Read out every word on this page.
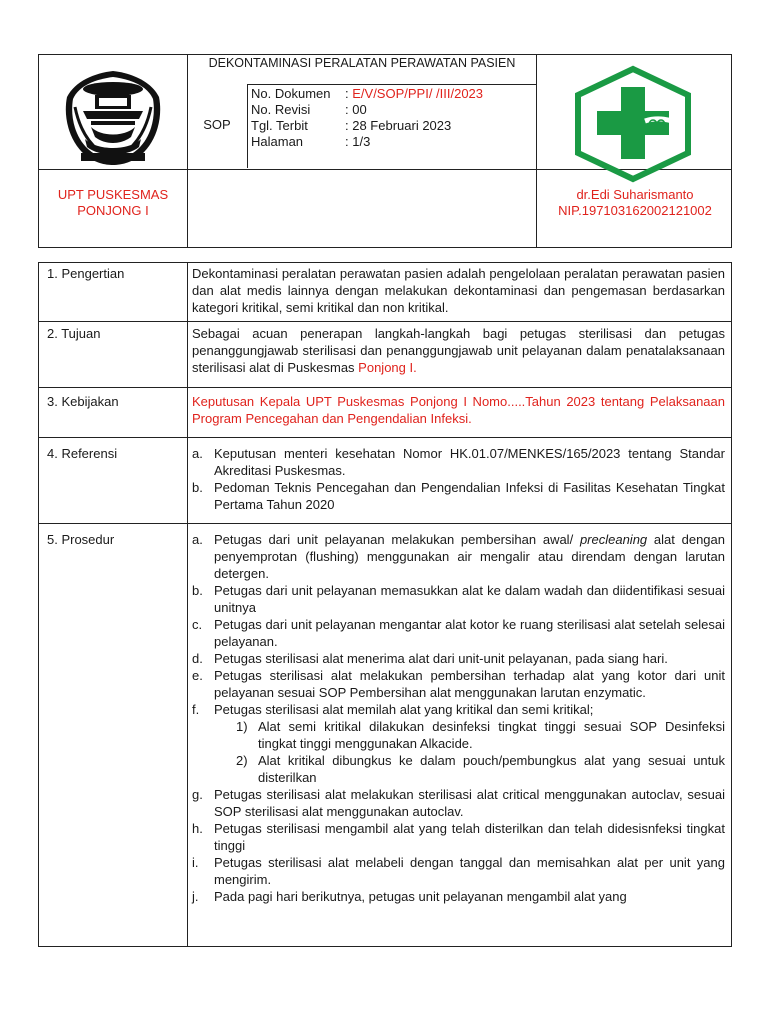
DEKONTAMINASI PERALATAN PERAWATAN PASIEN
SOP
No. Dokumen : E/V/SOP/PPI/ /III/2023
No. Revisi	: 00
Tgl. Terbit	: 28 Februari 2023
Halaman	: 1/3
UPT PUSKESMAS
PONJONG I
dr.Edi Suharismanto
NIP.197103162002121002
1. Pengertian	Dekontaminasi peralatan perawatan pasien adalah pengelolaan peralatan perawatan pasien dan alat medis lainnya dengan melakukan dekontaminasi dan pengemasan berdasarkan kategori kritikal, semi kritikal dan non kritikal.
2. Tujuan	Sebagai acuan penerapan langkah-langkah bagi petugas sterilisasi dan petugas penanggungjawab sterilisasi dan penanggungjawab unit pelayanan dalam penatalaksanaan sterilisasi alat di Puskesmas Ponjong I.
3. Kebijakan	Keputusan Kepala UPT Puskesmas Ponjong I Nomo.....Tahun 2023 tentang Pelaksanaan Program Pencegahan dan Pengendalian Infeksi.
4. Referensi	a. Keputusan menteri kesehatan Nomor HK.01.07/MENKES/165/2023 tentang Standar Akreditasi Puskesmas.
b. Pedoman Teknis Pencegahan dan Pengendalian Infeksi di Fasilitas Kesehatan Tingkat Pertama Tahun 2020
5. Prosedur	a. Petugas dari unit pelayanan melakukan pembersihan awal/ precleaning alat dengan penyemprotan (flushing) menggunakan air mengalir atau direndam dengan larutan detergen.
b. Petugas dari unit pelayanan memasukkan alat ke dalam wadah dan diidentifikasi sesuai unitnya
c. Petugas dari unit pelayanan mengantar alat kotor ke ruang sterilisasi alat setelah selesai pelayanan.
d. Petugas sterilisasi alat menerima alat dari unit-unit pelayanan, pada siang hari.
e. Petugas sterilisasi alat melakukan pembersihan terhadap alat yang kotor dari unit pelayanan sesuai SOP Pembersihan alat menggunakan larutan enzymatic.
f.	Petugas sterilisasi alat memilah alat yang kritikal dan semi kritikal;
1) Alat semi kritikal dilakukan desinfeksi tingkat tinggi sesuai SOP Desinfeksi tingkat tinggi menggunakan Alkacide.
2) Alat kritikal dibungkus ke dalam pouch/pembungkus alat yang sesuai untuk disterilkan
g. Petugas sterilisasi alat melakukan sterilisasi alat critical menggunakan autoclav, sesuai SOP sterilisasi alat menggunakan autoclav.
h. Petugas sterilisasi mengambil alat yang telah disterilkan dan telah didesisnfeksi tingkat tinggi
i.	Petugas sterilisasi alat melabeli dengan tanggal dan memisahkan alat per unit yang mengirim.
j.	Pada pagi hari berikutnya, petugas unit pelayanan mengambil alat yang
